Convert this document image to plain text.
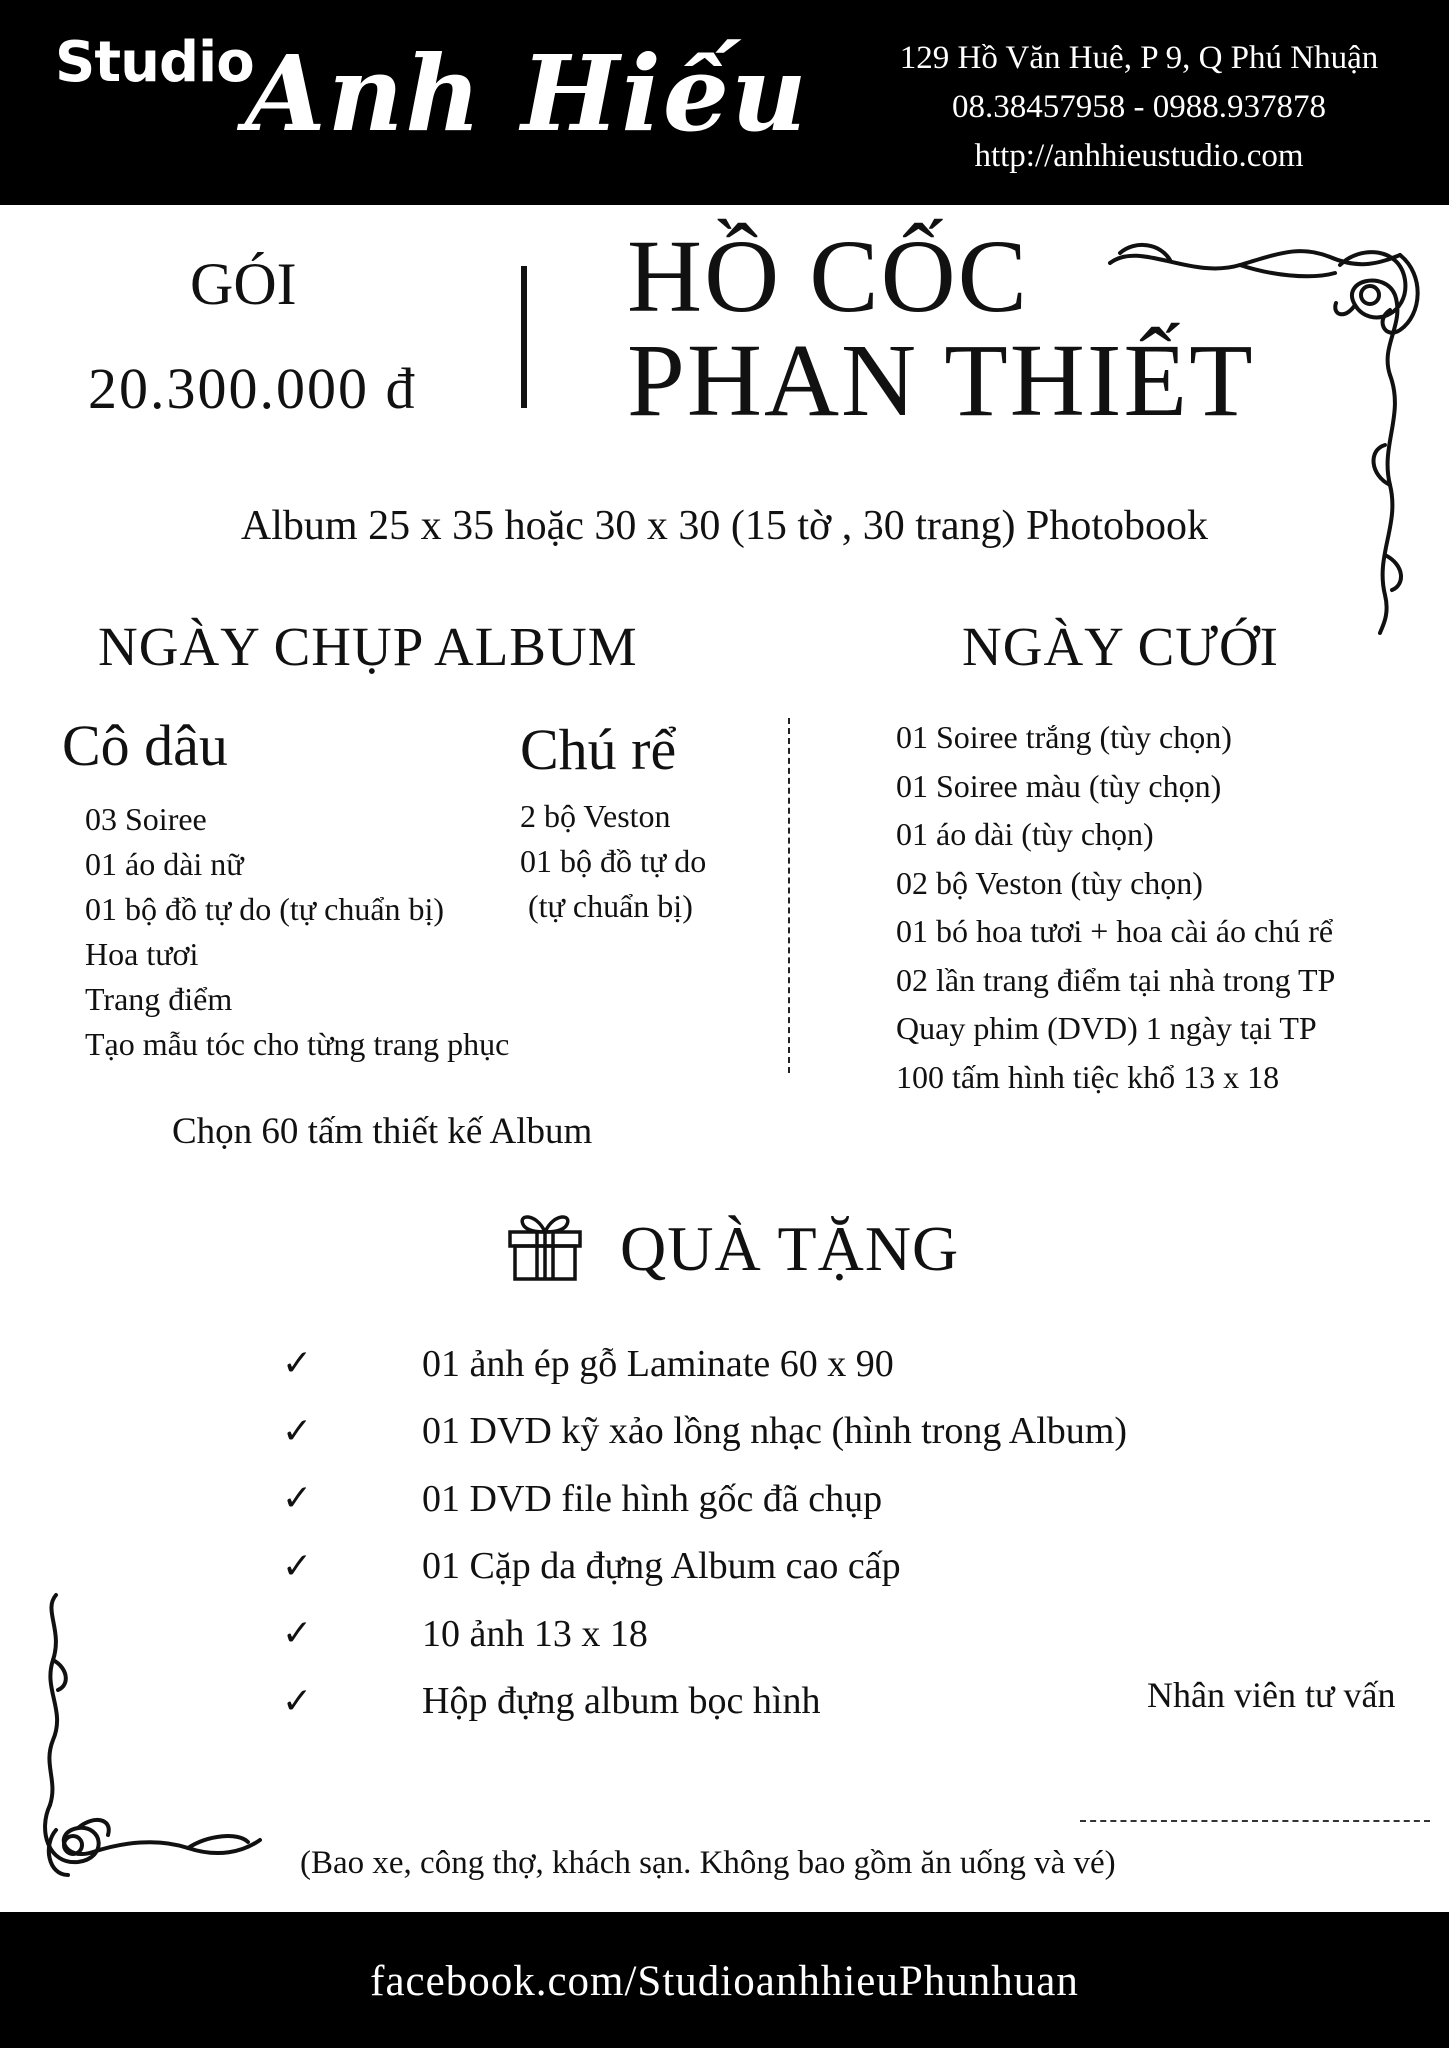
Studio
Anh Hiếu	129 Hồ Văn Huê, P 9, Q Phú Nhuận
08.38457958 - 0988.937878
http://anhhieustudio.com
GÓI
20.300.000 đ
HỒ CỐC
PHAN THIẾT
Album 25 x 35 hoặc 30 x 30 (15 tờ , 30 trang) Photobook
NGÀY CHỤP ALBUM
Cô dâu
03 Soiree
01 áo dài nữ
01 bộ đồ tự do (tự chuẩn bị)
Hoa tươi
Trang điểm
Tạo mẫu tóc cho từng trang phục
Chú rể
2 bộ Veston
01 bộ đồ tự do
(tự chuẩn bị)
NGÀY CƯỚI
01 Soiree trắng (tùy chọn)
01 Soiree màu (tùy chọn)
01 áo dài (tùy chọn)
02 bộ Veston (tùy chọn)
01 bó hoa tươi + hoa cài áo chú rể
02 lần trang điểm tại nhà trong TP
Quay phim (DVD) 1 ngày tại TP
100 tấm hình tiệc khổ 13 x 18
Chọn 60 tấm thiết kế Album
QUÀ TẶNG
✓	01 ảnh ép gỗ Laminate 60 x 90
✓	01 DVD kỹ xảo lồng nhạc (hình trong Album)
✓	01 DVD file hình gốc đã chụp
✓	01 Cặp da đựng Album cao cấp
✓	10 ảnh 13 x 18
✓	Hộp đựng album bọc hình	Nhân viên tư vấn
(Bao xe, công thợ, khách sạn. Không bao gồm ăn uống và vé)
facebook.com/StudioanhhieuPhunhuan
